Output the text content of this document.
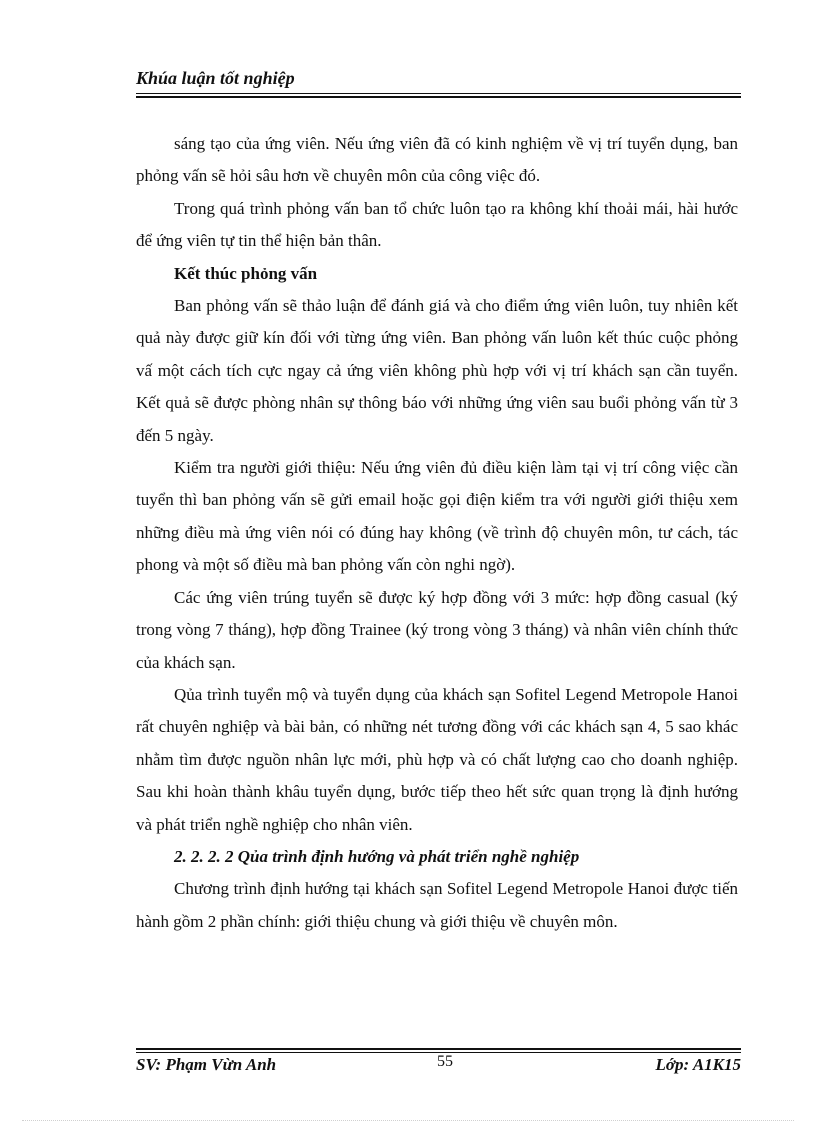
Khúa luận tốt nghiệp

sáng tạo của ứng viên. Nếu ứng viên đã có kinh nghiệm về vị trí tuyển dụng, ban phỏng vấn sẽ hỏi sâu hơn về chuyên môn của công việc đó.

Trong quá trình phỏng vấn ban tổ chức luôn tạo ra không khí thoải mái, hài hước để ứng viên tự tin thể hiện bản thân.

Kết thúc phỏng vấn

Ban phỏng vấn sẽ thảo luận để đánh giá và cho điểm ứng viên luôn, tuy nhiên kết quả này được giữ kín đối với từng ứng viên. Ban phỏng vấn luôn kết thúc cuộc phỏng vấ một cách tích cực ngay cả ứng viên không phù hợp với vị trí khách sạn cần tuyển. Kết quả sẽ được phòng nhân sự thông báo với những ứng viên sau buổi phỏng vấn từ 3 đến 5 ngày.

Kiểm tra người giới thiệu: Nếu ứng viên đủ điều kiện làm tại vị trí công việc cần tuyển thì ban phỏng vấn sẽ gửi email hoặc gọi điện kiểm tra với người giới thiệu xem những điều mà ứng viên nói có đúng hay không (về trình độ chuyên môn, tư cách, tác phong và một số điều mà ban phỏng vấn còn nghi ngờ).

Các ứng viên trúng tuyển sẽ được ký hợp đồng với 3 mức: hợp đồng casual (ký trong vòng 7 tháng), hợp đồng Trainee (ký trong vòng 3 tháng) và nhân viên chính thức của khách sạn.

Qủa trình tuyển mộ và tuyển dụng của khách sạn Sofitel Legend Metropole Hanoi rất chuyên nghiệp và bài bản, có những nét tương đồng với các khách sạn 4, 5 sao khác nhằm tìm được nguồn nhân lực mới, phù hợp và có chất lượng cao cho doanh nghiệp. Sau khi hoàn thành khâu tuyển dụng, bước tiếp theo hết sức quan trọng là định hướng và phát triển nghề nghiệp cho nhân viên.

2. 2. 2. 2 Qủa trình định hướng và phát triển nghề nghiệp

Chương trình định hướng tại khách sạn Sofitel Legend Metropole Hanoi được tiến hành gồm 2 phần chính: giới thiệu chung và giới thiệu về chuyên môn.

SV: Phạm Vừn Anh	55	Lớp: A1K15
